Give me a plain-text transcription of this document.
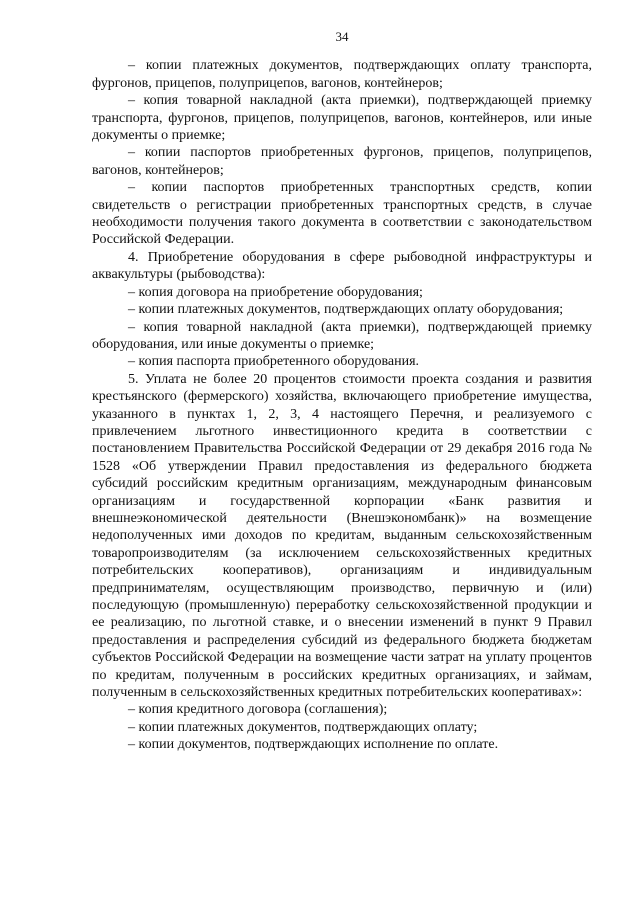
34

– копии платежных документов, подтверждающих оплату транспорта, фургонов, прицепов, полуприцепов, вагонов, контейнеров;

– копия товарной накладной (акта приемки), подтверждающей приемку транспорта, фургонов, прицепов, полуприцепов, вагонов, контейнеров, или иные документы о приемке;

– копии паспортов приобретенных фургонов, прицепов, полуприцепов, вагонов, контейнеров;

– копии паспортов приобретенных транспортных средств, копии свидетельств о регистрации приобретенных транспортных средств, в случае необходимости получения такого документа в соответствии с законодательством Российской Федерации.

4. Приобретение оборудования в сфере рыбоводной инфраструктуры и аквакультуры (рыбоводства):

– копия договора на приобретение оборудования;

– копии платежных документов, подтверждающих оплату оборудования;

– копия товарной накладной (акта приемки), подтверждающей приемку оборудования, или иные документы о приемке;

– копия паспорта приобретенного оборудования.

5. Уплата не более 20 процентов стоимости проекта создания и развития крестьянского (фермерского) хозяйства, включающего приобретение имущества, указанного в пунктах 1, 2, 3, 4 настоящего Перечня, и реализуемого с привлечением льготного инвестиционного кредита в соответствии с постановлением Правительства Российской Федерации от 29 декабря 2016 года № 1528 «Об утверждении Правил предоставления из федерального бюджета субсидий российским кредитным организациям, международным финансовым организациям и государственной корпорации «Банк развития и внешнеэкономической деятельности (Внешэкономбанк)» на возмещение недополученных ими доходов по кредитам, выданным сельскохозяйственным товаропроизводителям (за исключением сельскохозяйственных кредитных потребительских кооперативов), организациям и индивидуальным предпринимателям, осуществляющим производство, первичную и (или) последующую (промышленную) переработку сельскохозяйственной продукции и ее реализацию, по льготной ставке, и о внесении изменений в пункт 9 Правил предоставления и распределения субсидий из федерального бюджета бюджетам субъектов Российской Федерации на возмещение части затрат на уплату процентов по кредитам, полученным в российских кредитных организациях, и займам, полученным в сельскохозяйственных кредитных потребительских кооперативах»:

– копия кредитного договора (соглашения);

– копии платежных документов, подтверждающих оплату;

– копии документов, подтверждающих исполнение по оплате.
